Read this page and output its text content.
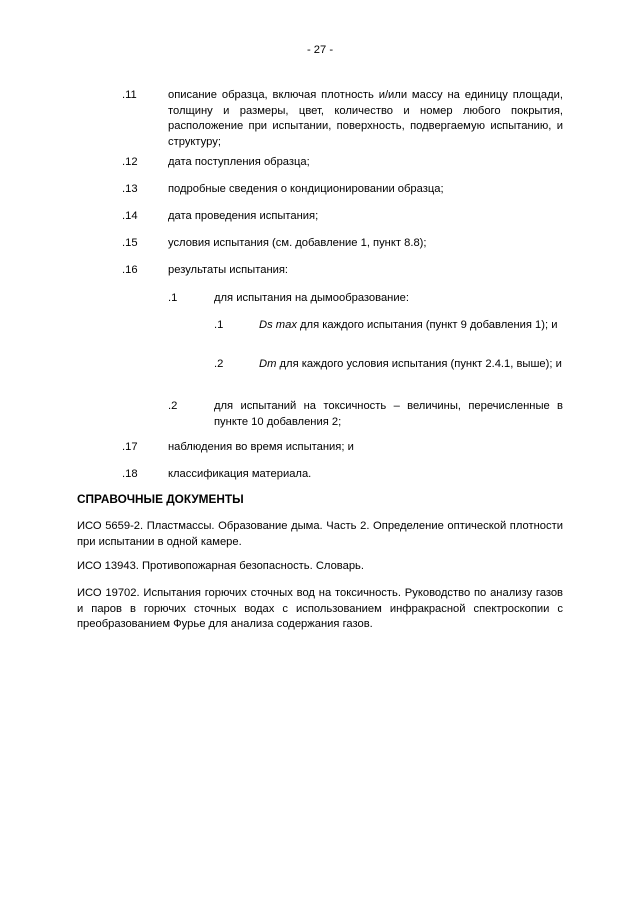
- 27 -
.11	описание образца, включая плотность и/или массу на единицу площади, толщину и размеры, цвет, количество и номер любого покрытия, расположение при испытании, поверхность, подвергаемую испытанию, и структуру;
.12	дата поступления образца;
.13	подробные сведения о кондиционировании образца;
.14	дата проведения испытания;
.15	условия испытания (см. добавление 1, пункт 8.8);
.16	результаты испытания:
.1	для испытания на дымообразование:
.1	Ds max для каждого испытания (пункт 9 добавления 1); и
.2	Dm для каждого условия испытания (пункт 2.4.1, выше); и
.2	для испытаний на токсичность – величины, перечисленные в пункте 10 добавления 2;
.17	наблюдения во время испытания; и
.18	классификация материала.
СПРАВОЧНЫЕ ДОКУМЕНТЫ
ИСО 5659-2. Пластмассы. Образование дыма. Часть 2. Определение оптической плотности при испытании в одной камере.
ИСО 13943. Противопожарная безопасность. Словарь.
ИСО 19702. Испытания горючих сточных вод на токсичность. Руководство по анализу газов и паров в горючих сточных водах с использованием инфракрасной спектроскопии с преобразованием Фурье для анализа содержания газов.
